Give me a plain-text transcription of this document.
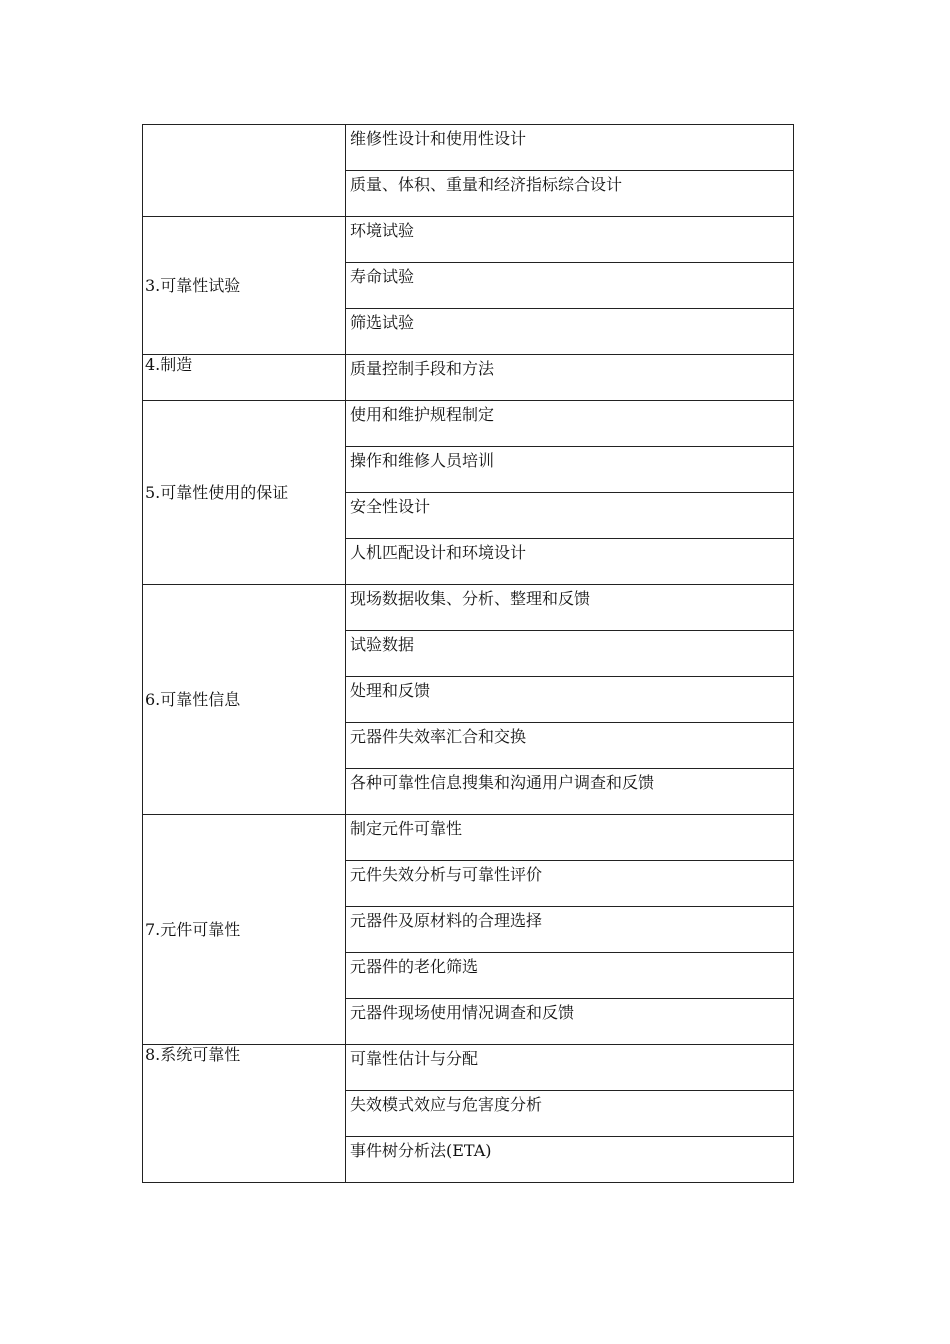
	维修性设计和使用性设计
	质量、体积、重量和经济指标综合设计

3.可靠性试验	环境试验
	寿命试验
	筛选试验

4.制造	质量控制手段和方法

5.可靠性使用的保证	使用和维护规程制定
	操作和维修人员培训
	安全性设计
	人机匹配设计和环境设计

6.可靠性信息	现场数据收集、分析、整理和反馈
	试验数据
	处理和反馈
	元器件失效率汇合和交换
	各种可靠性信息搜集和沟通用户调查和反馈

7.元件可靠性	制定元件可靠性
	元件失效分析与可靠性评价
	元器件及原材料的合理选择
	元器件的老化筛选
	元器件现场使用情况调查和反馈

8.系统可靠性	可靠性估计与分配
	失效模式效应与危害度分析
	事件树分析法(ETA)
